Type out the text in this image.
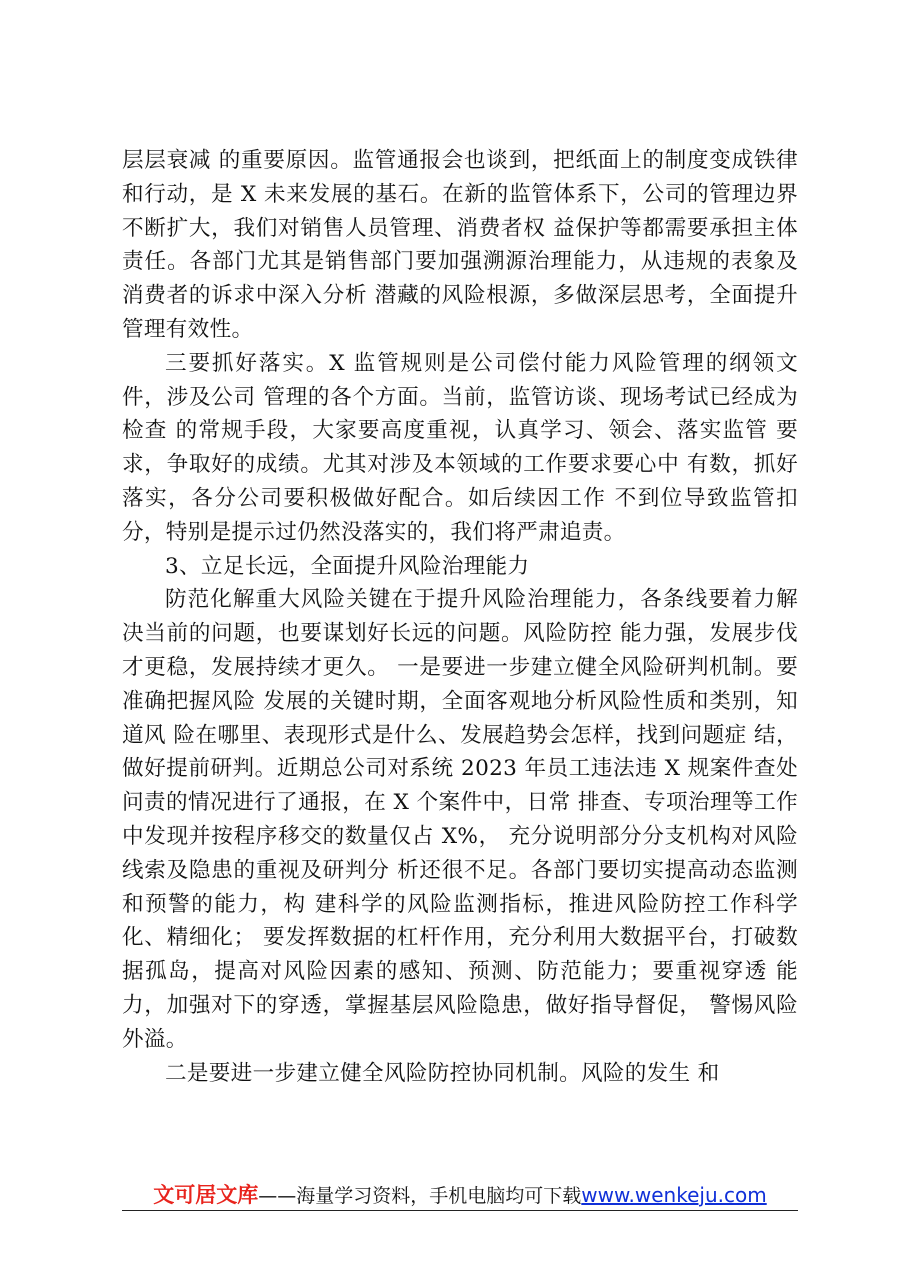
层层衰减 的重要原因。监管通报会也谈到，把纸面上的制度变成铁律 和行动，是 X 未来发展的基石。在新的监管体系下，公司的管理边界不断扩大，我们对销售人员管理、消费者权 益保护等都需要承担主体责任。各部门尤其是销售部门要加强溯源治理能力，从违规的表象及消费者的诉求中深入分析 潜藏的风险根源，多做深层思考，全面提升管理有效性。

三要抓好落实。X 监管规则是公司偿付能力风险管理的纲领文件，涉及公司 管理的各个方面。当前，监管访谈、现场考试已经成为检查 的常规手段，大家要高度重视，认真学习、领会、落实监管 要求，争取好的成绩。尤其对涉及本领域的工作要求要心中 有数，抓好落实，各分公司要积极做好配合。如后续因工作 不到位导致监管扣分，特别是提示过仍然没落实的，我们将严肃追责。

3、立足长远，全面提升风险治理能力

防范化解重大风险关键在于提升风险治理能力，各条线要着力解决当前的问题，也要谋划好长远的问题。风险防控 能力强，发展步伐才更稳，发展持续才更久。 一是要进一步建立健全风险研判机制。要准确把握风险 发展的关键时期，全面客观地分析风险性质和类别，知道风 险在哪里、表现形式是什么、发展趋势会怎样，找到问题症 结，做好提前研判。近期总公司对系统 2023 年员工违法违 X 规案件查处问责的情况进行了通报，在 X 个案件中，日常 排查、专项治理等工作中发现并按程序移交的数量仅占 X%， 充分说明部分分支机构对风险线索及隐患的重视及研判分 析还很不足。各部门要切实提高动态监测和预警的能力，构 建科学的风险监测指标，推进风险防控工作科学化、精细化； 要发挥数据的杠杆作用，充分利用大数据平台，打破数据孤岛，提高对风险因素的感知、预测、防范能力；要重视穿透 能力，加强对下的穿透，掌握基层风险隐患，做好指导督促， 警惕风险外溢。

二是要进一步建立健全风险防控协同机制。风险的发生 和

文可居文库——海量学习资料，手机电脑均可下载www.wenkeju.com
